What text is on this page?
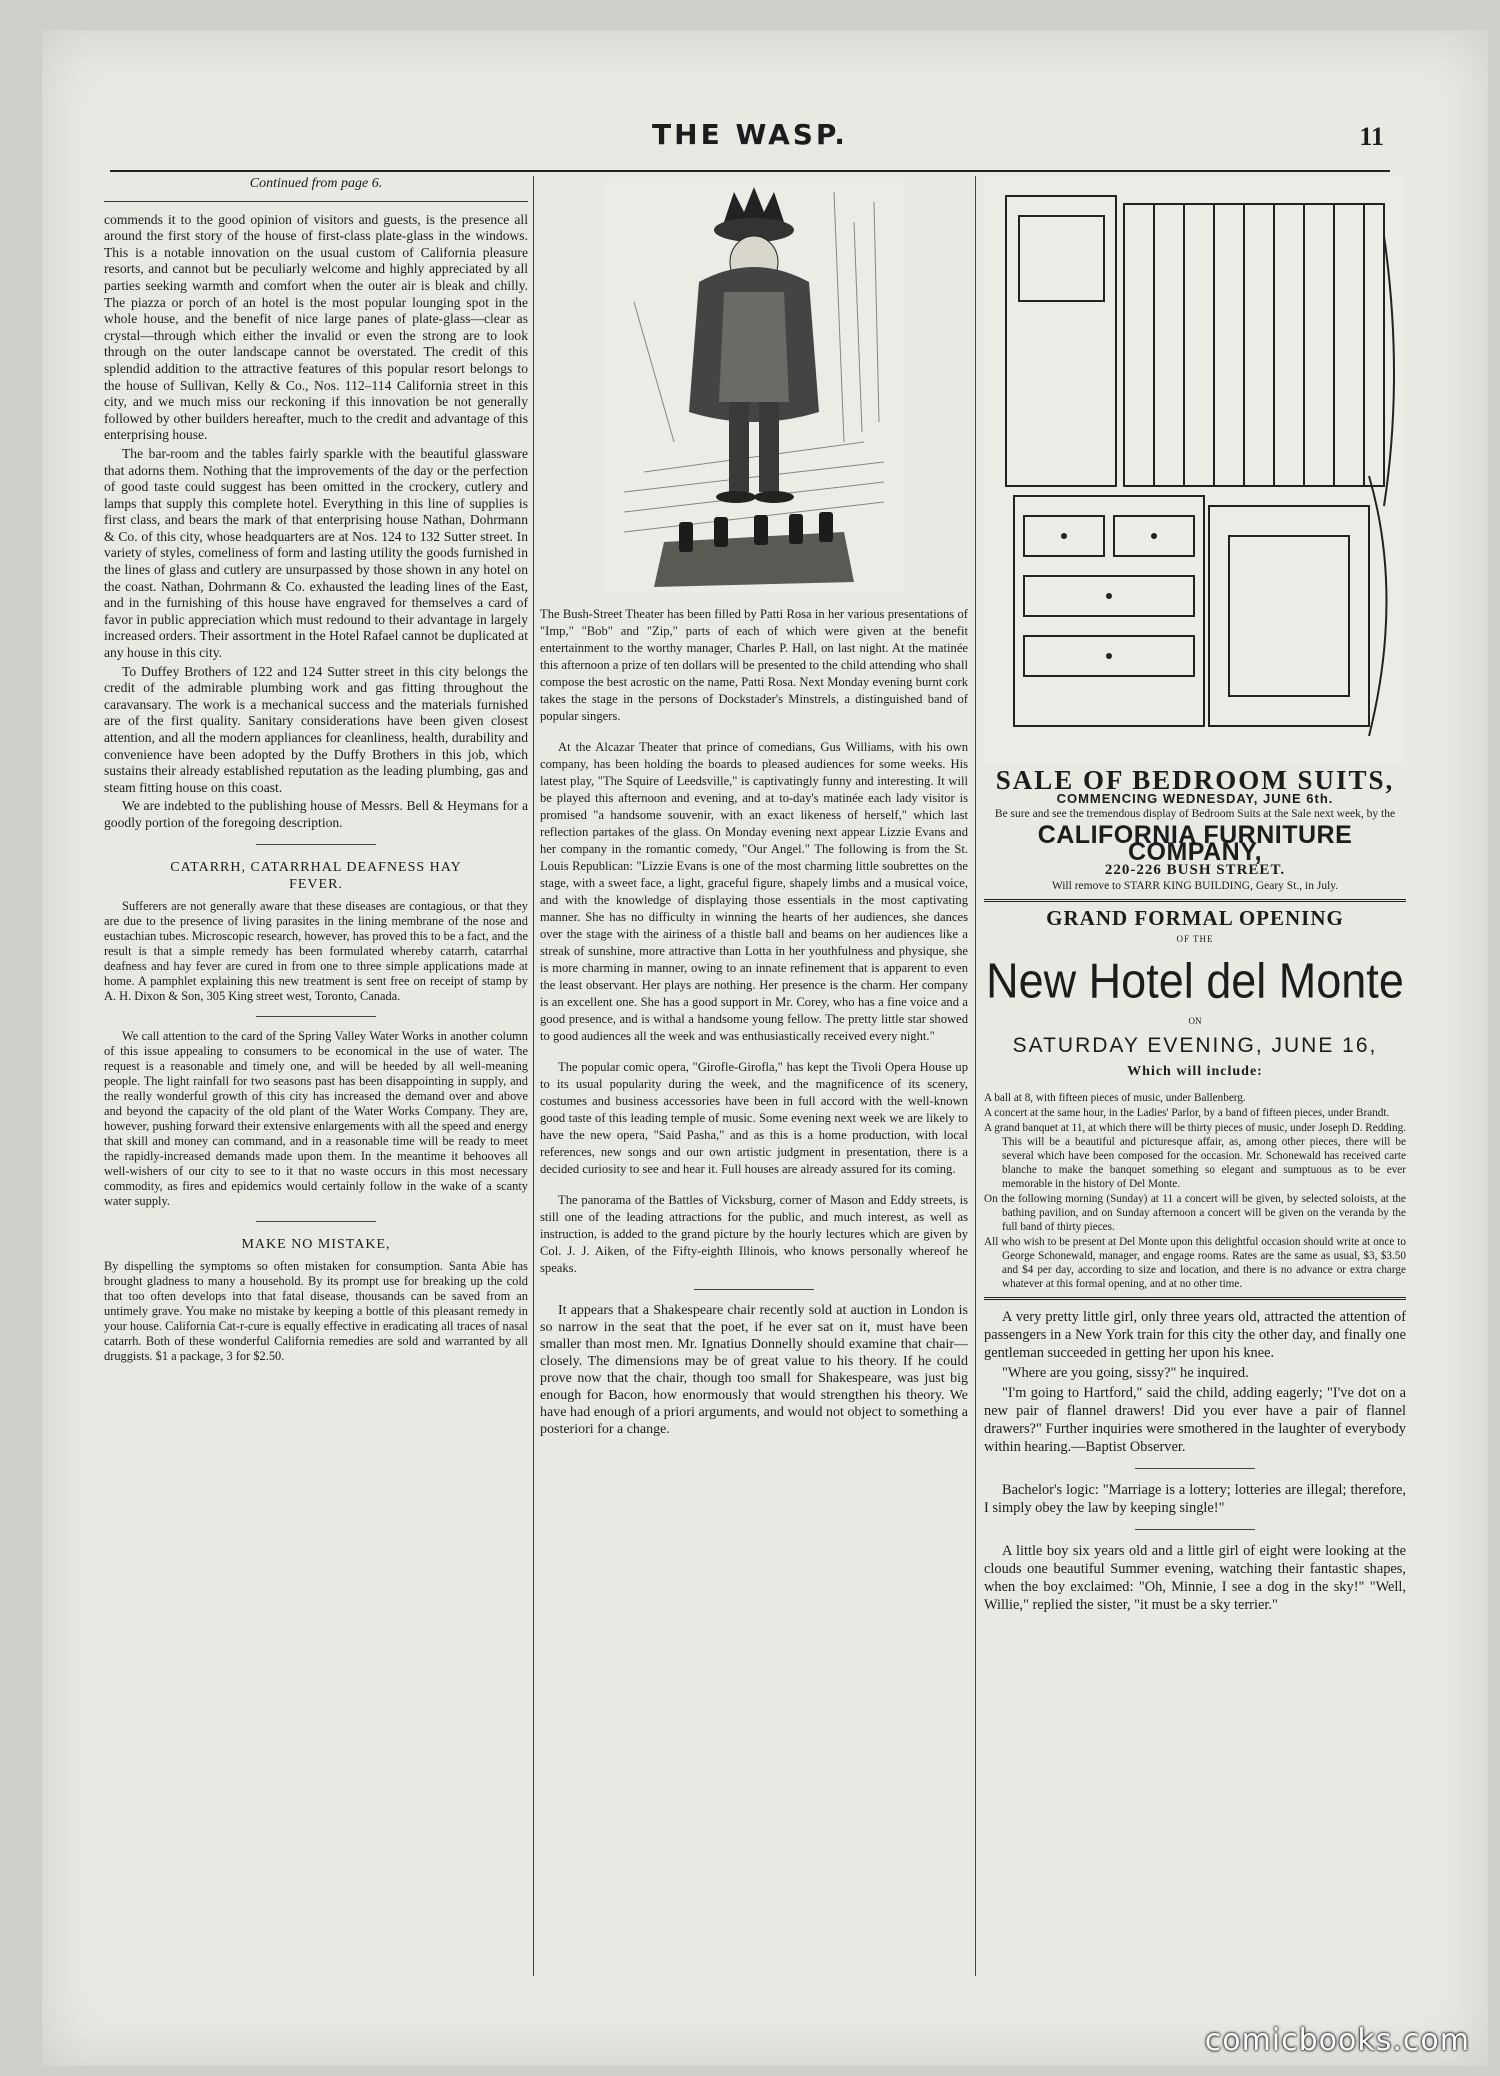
THE WASP.	11
Continued from page 6.

commends it to the good opinion of visitors and guests, is the presence all around the first story of the house of first-class plate-glass in the windows. This is a notable innovation on the usual custom of California pleasure resorts, and cannot but be peculiarly welcome and highly appreciated by all parties seeking warmth and comfort when the outer air is bleak and chilly. The piazza or porch of an hotel is the most popular lounging spot in the whole house, and the benefit of nice large panes of plate-glass—clear as crystal—through which either the invalid or even the strong are to look through on the outer landscape cannot be overstated. The credit of this splendid addition to the attractive features of this popular resort belongs to the house of Sullivan, Kelly & Co., Nos. 112–114 California street in this city, and we much miss our reckoning if this innovation be not generally followed by other builders hereafter, much to the credit and advantage of this enterprising house.

The bar-room and the tables fairly sparkle with the beautiful glassware that adorns them. Nothing that the improvements of the day or the perfection of good taste could suggest has been omitted in the crockery, cutlery and lamps that supply this complete hotel. Everything in this line of supplies is first class, and bears the mark of that enterprising house Nathan, Dohrmann & Co. of this city, whose headquarters are at Nos. 124 to 132 Sutter street. In variety of styles, comeliness of form and lasting utility the goods furnished in the lines of glass and cutlery are unsurpassed by those shown in any hotel on the coast. Nathan, Dohrmann & Co. exhausted the leading lines of the East, and in the furnishing of this house have engraved for themselves a card of favor in public appreciation which must redound to their advantage in largely increased orders. Their assortment in the Hotel Rafael cannot be duplicated at any house in this city.

To Duffey Brothers of 122 and 124 Sutter street in this city belongs the credit of the admirable plumbing work and gas fitting throughout the caravansary. The work is a mechanical success and the materials furnished are of the first quality. Sanitary considerations have been given closest attention, and all the modern appliances for cleanliness, health, durability and convenience have been adopted by the Duffy Brothers in this job, which sustains their already established reputation as the leading plumbing, gas and steam fitting house on this coast.

We are indebted to the publishing house of Messrs. Bell & Heymans for a goodly portion of the foregoing description.

CATARRH, CATARRHAL DEAFNESS HAY FEVER.

Sufferers are not generally aware that these diseases are contagious, or that they are due to the presence of living parasites in the lining membrane of the nose and eustachian tubes. Microscopic research, however, has proved this to be a fact, and the result is that a simple remedy has been formulated whereby catarrh, catarrhal deafness and hay fever are cured in from one to three simple applications made at home. A pamphlet explaining this new treatment is sent free on receipt of stamp by A. H. Dixon & Son, 305 King street west, Toronto, Canada.

We call attention to the card of the Spring Valley Water Works in another column of this issue appealing to consumers to be economical in the use of water. The request is a reasonable and timely one, and will be heeded by all well-meaning people. The light rainfall for two seasons past has been disappointing in supply, and the really wonderful growth of this city has increased the demand over and above and beyond the capacity of the old plant of the Water Works Company. They are, however, pushing forward their extensive enlargements with all the speed and energy that skill and money can command, and in a reasonable time will be ready to meet the rapidly-increased demands made upon them. In the meantime it behooves all well-wishers of our city to see to it that no waste occurs in this most necessary commodity, as fires and epidemics would certainly follow in the wake of a scanty water supply.

MAKE NO MISTAKE,

By dispelling the symptoms so often mistaken for consumption. Santa Abie has brought gladness to many a household. By its prompt use for breaking up the cold that too often develops into that fatal disease, thousands can be saved from an untimely grave. You make no mistake by keeping a bottle of this pleasant remedy in your house. California Cat-r-cure is equally effective in eradicating all traces of nasal catarrh. Both of these wonderful California remedies are sold and warranted by all druggists. $1 a package, 3 for $2.50.

The Bush-Street Theater has been filled by Patti Rosa in her various presentations of "Imp," "Bob" and "Zip," parts of each of which were given at the benefit entertainment to the worthy manager, Charles P. Hall, on last night. At the matinée this afternoon a prize of ten dollars will be presented to the child attending who shall compose the best acrostic on the name, Patti Rosa. Next Monday evening burnt cork takes the stage in the persons of Dockstader's Minstrels, a distinguished band of popular singers.

At the Alcazar Theater that prince of comedians, Gus Williams, with his own company, has been holding the boards to pleased audiences for some weeks. His latest play, "The Squire of Leedsville," is captivatingly funny and interesting. It will be played this afternoon and evening, and at to-day's matinée each lady visitor is promised "a handsome souvenir, with an exact likeness of herself," which last reflection partakes of the glass. On Monday evening next appear Lizzie Evans and her company in the romantic comedy, "Our Angel." The following is from the St. Louis Republican: "Lizzie Evans is one of the most charming little soubrettes on the stage, with a sweet face, a light, graceful figure, shapely limbs and a musical voice, and with the knowledge of displaying those essentials in the most captivating manner. She has no difficulty in winning the hearts of her audiences, she dances over the stage with the airiness of a thistle ball and beams on her audiences like a streak of sunshine, more attractive than Lotta in her youthfulness and physique, she is more charming in manner, owing to an innate refinement that is apparent to even the least observant. Her plays are nothing. Her presence is the charm. Her company is an excellent one. She has a good support in Mr. Corey, who has a fine voice and a good presence, and is withal a handsome young fellow. The pretty little star showed to good audiences all the week and was enthusiastically received every night."

The popular comic opera, "Girofle-Girofla," has kept the Tivoli Opera House up to its usual popularity during the week, and the magnificence of its scenery, costumes and business accessories have been in full accord with the well-known good taste of this leading temple of music. Some evening next week we are likely to have the new opera, "Said Pasha," and as this is a home production, with local references, new songs and our own artistic judgment in presentation, there is a decided curiosity to see and hear it. Full houses are already assured for its coming.

The panorama of the Battles of Vicksburg, corner of Mason and Eddy streets, is still one of the leading attractions for the public, and much interest, as well as instruction, is added to the grand picture by the hourly lectures which are given by Col. J. J. Aiken, of the Fifty-eighth Illinois, who knows personally whereof he speaks.

It appears that a Shakespeare chair recently sold at auction in London is so narrow in the seat that the poet, if he ever sat on it, must have been smaller than most men. Mr. Ignatius Donnelly should examine that chair—closely. The dimensions may be of great value to his theory. If he could prove now that the chair, though too small for Shakespeare, was just big enough for Bacon, how enormously that would strengthen his theory. We have had enough of a priori arguments, and would not object to something a posteriori for a change.

SALE OF BEDROOM SUITS,
COMMENCING WEDNESDAY, JUNE 6th.
Be sure and see the tremendous display of Bedroom Suits at the Sale next week, by the
CALIFORNIA FURNITURE COMPANY,
220-226 BUSH STREET.
Will remove to STARR KING BUILDING, Geary St., in July.
GRAND FORMAL OPENING
OF THE
New Hotel del Monte
ON
SATURDAY EVENING, JUNE 16,
Which will include:
A ball at 8, with fifteen pieces of music, under Ballenberg.
A concert at the same hour, in the Ladies' Parlor, by a band of fifteen pieces, under Brandt.
A grand banquet at 11, at which there will be thirty pieces of music, under Joseph D. Redding. This will be a beautiful and picturesque affair, as, among other pieces, there will be several which have been composed for the occasion. Mr. Schonewald has received carte blanche to make the banquet something so elegant and sumptuous as to be ever memorable in the history of Del Monte.
On the following morning (Sunday) at 11 a concert will be given, by selected soloists, at the bathing pavilion, and on Sunday afternoon a concert will be given on the veranda by the full band of thirty pieces.
All who wish to be present at Del Monte upon this delightful occasion should write at once to George Schonewald, manager, and engage rooms. Rates are the same as usual, $3, $3.50 and $4 per day, according to size and location, and there is no advance or extra charge whatever at this formal opening, and at no other time.

A very pretty little girl, only three years old, attracted the attention of passengers in a New York train for this city the other day, and finally one gentleman succeeded in getting her upon his knee.

"Where are you going, sissy?" he inquired.

"I'm going to Hartford," said the child, adding eagerly; "I've dot on a new pair of flannel drawers! Did you ever have a pair of flannel drawers?" Further inquiries were smothered in the laughter of everybody within hearing.—Baptist Observer.

Bachelor's logic: "Marriage is a lottery; lotteries are illegal; therefore, I simply obey the law by keeping single!"

A little boy six years old and a little girl of eight were looking at the clouds one beautiful Summer evening, watching their fantastic shapes, when the boy exclaimed: "Oh, Minnie, I see a dog in the sky!" "Well, Willie," replied the sister, "it must be a sky terrier."

comicbooks.com
